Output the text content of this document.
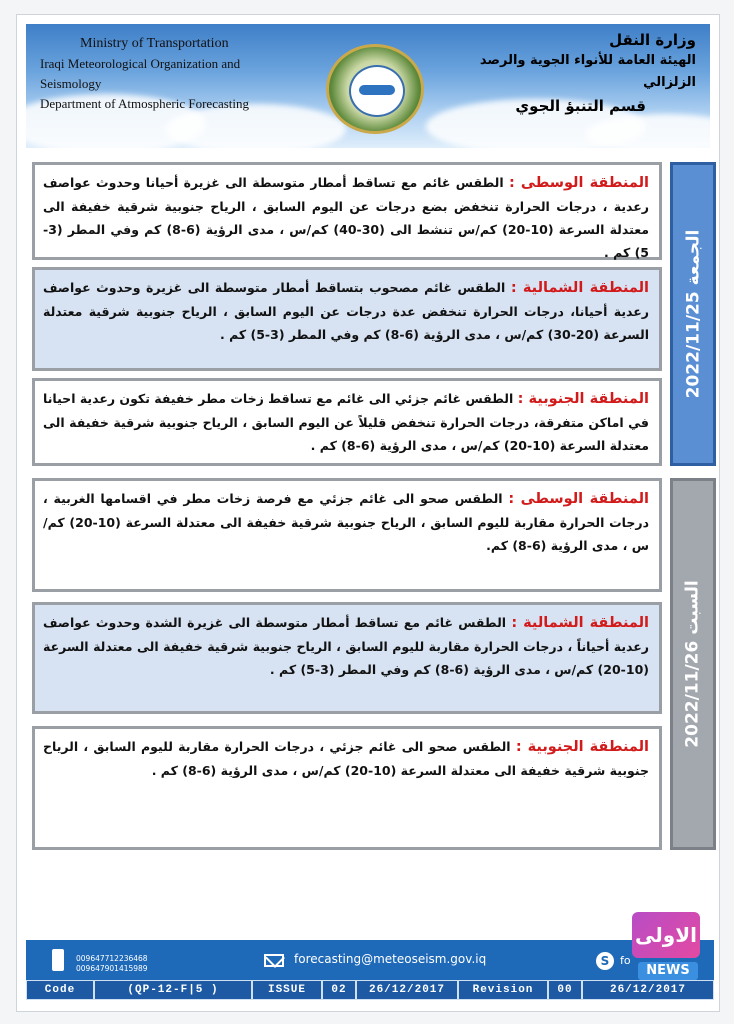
Ministry of Transportation
Iraqi Meteorological Organization and Seismology
Department of Atmospheric Forecasting
وزارة النقل
الهيئة العامة للأنواء الجوية والرصد الزلزالي
قسم التنبؤ الجوي
المنطقة الوسطى : الطقس غائم مع تساقط أمطار متوسطة الى غزيرة أحيانا وحدوث عواصف رعدية ، درجات الحرارة تنخفض بضع درجات عن اليوم السابق ، الرياح جنوبية شرقية خفيفة الى معتدلة السرعة (10-20) كم/س تنشط الى (30-40) كم/س ، مدى الرؤية (6-8) كم وفي المطر (3-5) كم .
المنطقة الشمالية : الطقس غائم مصحوب بتساقط أمطار متوسطة الى غزيرة وحدوث عواصف رعدية أحيانا، درجات الحرارة تنخفض عدة درجات عن اليوم السابق ، الرياح جنوبية شرقية معتدلة السرعة (20-30) كم/س ، مدى الرؤية (6-8) كم وفي المطر (3-5) كم .
المنطقة الجنوبية : الطقس غائم جزئي الى غائم مع تساقط زخات مطر خفيفة تكون رعدية احيانا في اماكن متفرقة، درجات الحرارة تنخفض قليلاً عن اليوم السابق ، الرياح جنوبية شرقية خفيفة الى معتدلة السرعة (10-20) كم/س ، مدى الرؤية (6-8) كم .
الجمعة 2022/11/25
المنطقة الوسطى : الطقس صحو الى غائم جزئي مع فرصة زخات مطر في اقسامها الغربية ، درجات الحرارة مقاربة لليوم السابق ، الرياح جنوبية شرقية خفيفة الى معتدلة السرعة (10-20) كم/س ، مدى الرؤية (6-8) كم.
المنطقة الشمالية : الطقس غائم مع تساقط أمطار متوسطة الى غزيرة الشدة وحدوث عواصف رعدية أحياناً ، درجات الحرارة مقاربة لليوم السابق ، الرياح جنوبية شرقية خفيفة الى معتدلة السرعة (10-20) كم/س ، مدى الرؤية (6-8) كم وفي المطر (3-5) كم .
المنطقة الجنوبية : الطقس صحو الى غائم جزئي ، درجات الحرارة مقاربة لليوم السابق ، الرياح جنوبية شرقية خفيفة الى معتدلة السرعة (10-20) كم/س ، مدى الرؤية (6-8) كم .
السبت 2022/11/26
009647712236468
009647901415989
forecasting@meteoseism.gov.iq	S fo
Code	(QP-12-F|5 )	ISSUE	02	26/12/2017	Revision	00	26/12/2017
الاولى
NEWS
